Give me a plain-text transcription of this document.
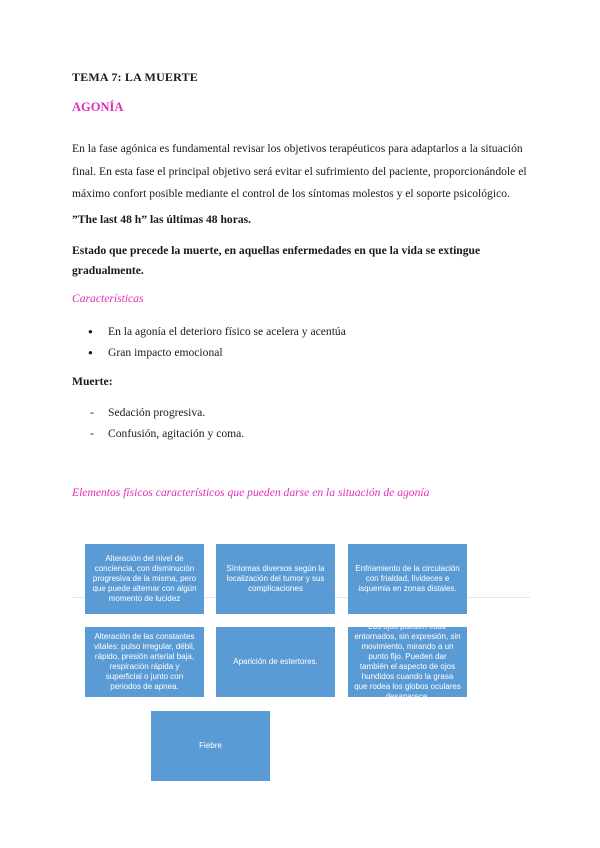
TEMA 7: LA MUERTE
AGONÍA
En la fase agónica es fundamental revisar los objetivos terapéuticos para adaptarlos a la situación final. En esta fase el principal objetivo será evitar el sufrimiento del paciente, proporcionándole el máximo confort posible mediante el control de los síntomas molestos y el soporte psicológico.
”The last 48 h” las últimas 48 horas.
Estado que precede la muerte, en aquellas enfermedades en que la vida se extingue gradualmente.
Características
● En la agonía el deterioro físico se acelera y acentúa
● Gran impacto emocional
Muerte:
- Sedación progresiva.
- Confusión, agitación y coma.
Elementos físicos característicos que pueden darse en la situación de agonía
Alteración del nivel de conciencia, con disminución progresiva de la misma, pero que puede alternar con algún momento de lucidez
Síntomas diversos según la localización del tumor y sus complicaciones
Enfriamiento de la circulación con frialdad, lívideces e isquemia en zonas distales.
Alteración de las constantes vitales: pulso irregular, débil, rápido, presión arterial baja, respiración rápida y superficial o junto con periodos de apnea.
Aparición de estertores.
Los ojos pueden estar entornados, sin expresión, sin movimiento, mirando a un punto fijo. Pueden dar también el aspecto de ojos hundidos cuando la grasa que rodea los globos oculares desaparece.
Fiebre
